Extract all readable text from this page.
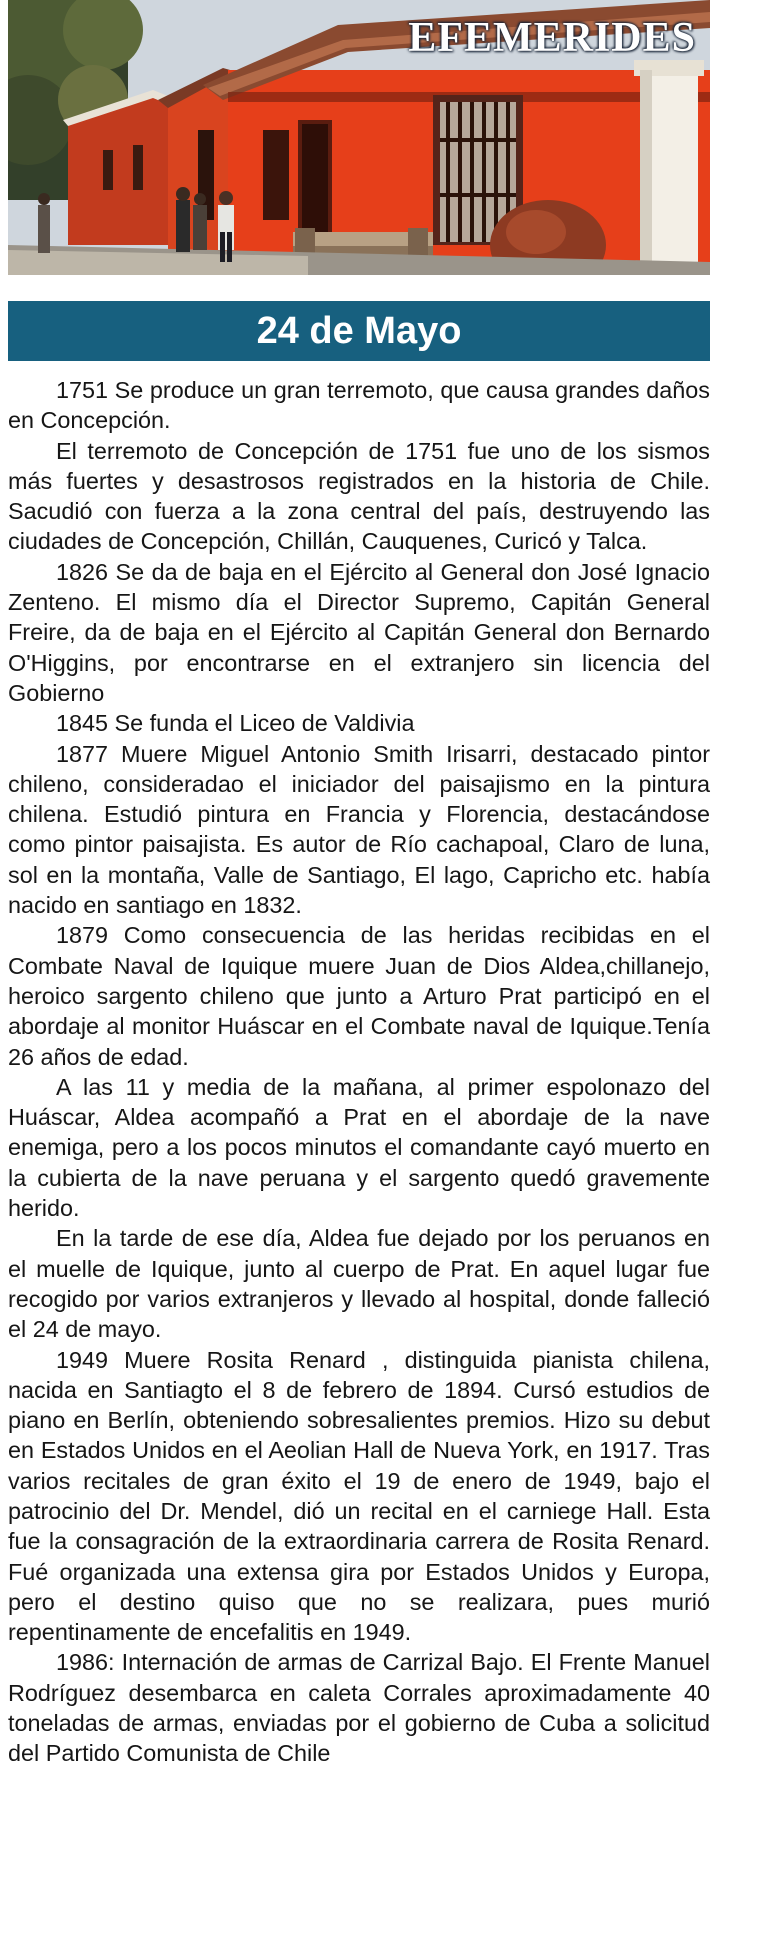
EFEMERIDES
24 de Mayo

1751 Se produce un gran terremoto, que causa grandes daños en Concepción.

El terremoto de Concepción de 1751 fue uno de los sismos más fuertes y desastrosos registrados en la historia de Chile. Sacudió con fuerza a la zona central del país, destruyendo las ciudades de Concepción, Chillán, Cauquenes, Curicó y Talca.

1826 Se da de baja en el Ejército al General don José Ignacio Zenteno. El mismo día el Director Supremo, Capitán General Freire, da de baja en el Ejército al Capitán General don Bernardo O'Higgins, por encontrarse en el extranjero sin licencia del Gobierno

1845 Se funda el Liceo de Valdivia

1877 Muere Miguel Antonio Smith Irisarri, destacado pintor chileno, consideradao el iniciador del paisajismo en la pintura chilena. Estudió pintura en Francia y Florencia, destacándose como pintor paisajista. Es autor de Río cachapoal, Claro de luna, sol en la montaña, Valle de Santiago, El lago, Capricho etc. había nacido en santiago en 1832.

1879 Como consecuencia de las heridas recibidas en el Combate Naval de Iquique muere Juan de Dios Aldea,chillanejo, heroico sargento chileno que junto a Arturo Prat participó en el abordaje al monitor Huáscar en el Combate naval de Iquique.Tenía 26 años de edad.

A las 11 y media de la mañana, al primer espolonazo del Huáscar, Aldea acompañó a Prat en el abordaje de la nave enemiga, pero a los pocos minutos el comandante cayó muerto en la cubierta de la nave peruana y el sargento quedó gravemente herido.

En la tarde de ese día, Aldea fue dejado por los peruanos en el muelle de Iquique, junto al cuerpo de Prat. En aquel lugar fue recogido por varios extranjeros y llevado al hospital, donde falleció el 24 de mayo.

1949 Muere Rosita Renard , distinguida pianista chilena, nacida en Santiagto el 8 de febrero de 1894. Cursó estudios de piano en Berlín, obteniendo sobresalientes premios. Hizo su debut en Estados Unidos en el Aeolian Hall de Nueva York, en 1917. Tras varios recitales de gran éxito el 19 de enero de 1949, bajo el patrocinio del Dr. Mendel, dió un recital en el carniege Hall. Esta fue la consagración de la extraordinaria carrera de Rosita Renard. Fué organizada una extensa gira por Estados Unidos y Europa, pero el destino quiso que no se realizara, pues murió repentinamente de encefalitis en 1949.

1986: Internación de armas de Carrizal Bajo. El Frente Manuel Rodríguez desembarca en caleta Corrales aproximadamente 40 toneladas de armas, enviadas por el gobierno de Cuba a solicitud del Partido Comunista de Chile
